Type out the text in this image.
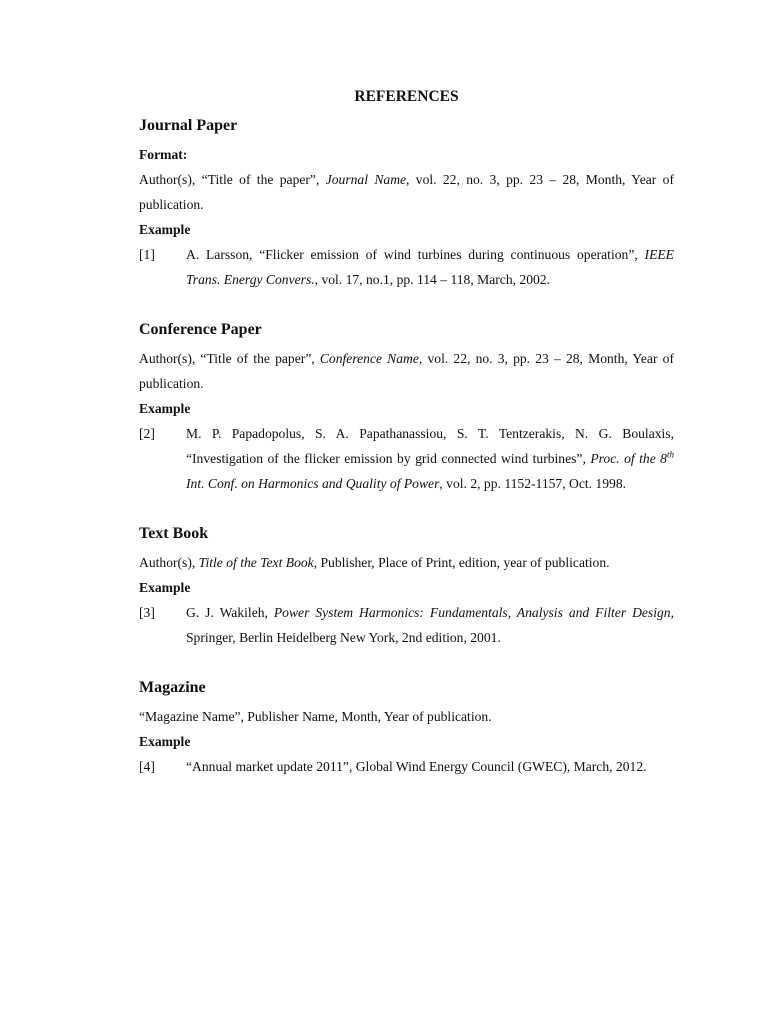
REFERENCES
Journal Paper
Format:
Author(s), “Title of the paper”, Journal Name, vol. 22, no. 3, pp. 23 – 28, Month, Year of publication.
Example
[1]	A. Larsson, “Flicker emission of wind turbines during continuous operation”, IEEE Trans. Energy Convers., vol. 17, no.1, pp. 114 – 118, March, 2002.
Conference Paper
Author(s), “Title of the paper”, Conference Name, vol. 22, no. 3, pp. 23 – 28, Month, Year of publication.
Example
[2]	M. P. Papadopolus, S. A. Papathanassiou, S. T. Tentzerakis, N. G. Boulaxis, “Investigation of the flicker emission by grid connected wind turbines”, Proc. of the 8th Int. Conf. on Harmonics and Quality of Power, vol. 2, pp. 1152-1157, Oct. 1998.
Text Book
Author(s), Title of the Text Book, Publisher, Place of Print, edition, year of publication.
Example
[3]	G. J. Wakileh, Power System Harmonics: Fundamentals, Analysis and Filter Design, Springer, Berlin Heidelberg New York, 2nd edition, 2001.
Magazine
“Magazine Name”, Publisher Name, Month, Year of publication.
Example
[4]	“Annual market update 2011”, Global Wind Energy Council (GWEC), March, 2012.
